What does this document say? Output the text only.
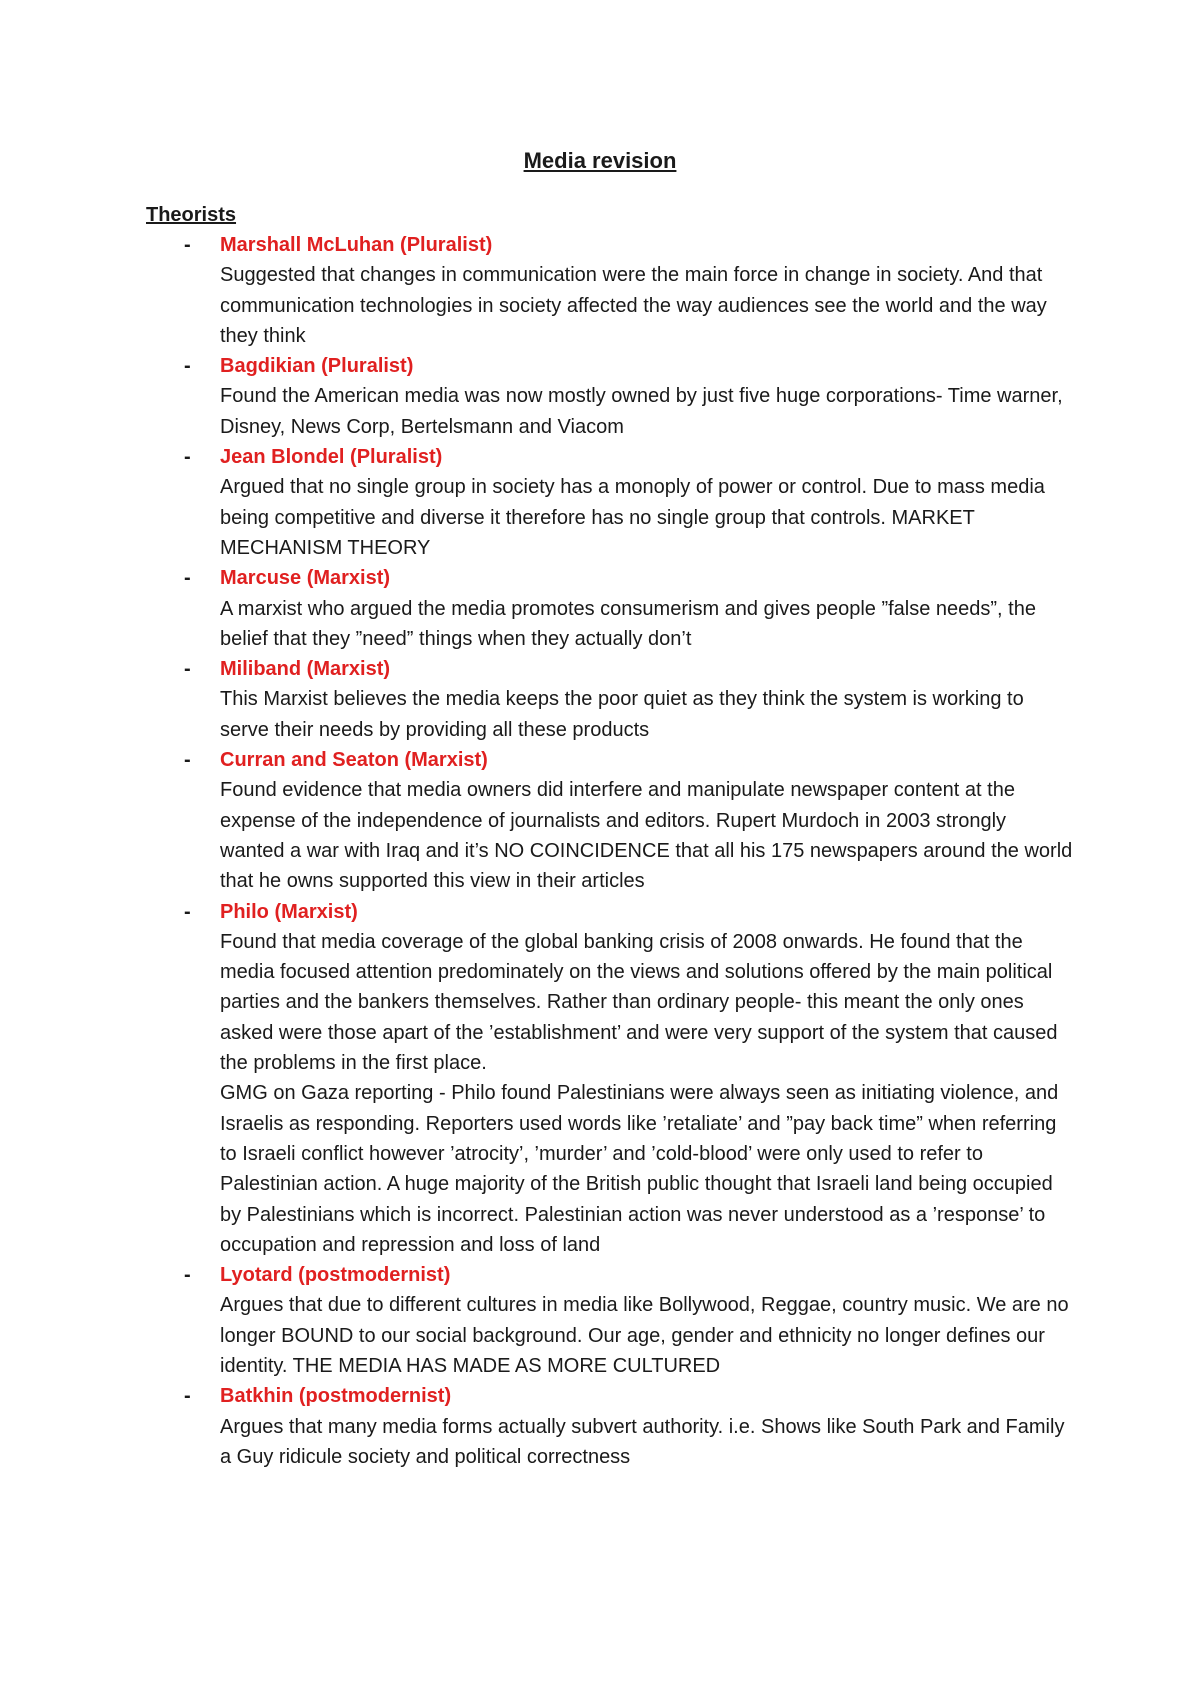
Media revision
Theorists
- Marshall McLuhan (Pluralist)
Suggested that changes in communication were the main force in change in society. And that communication technologies in society affected the way audiences see the world and the way they think
- Bagdikian (Pluralist)
Found the American media was now mostly owned by just five huge corporations- Time warner, Disney, News Corp, Bertelsmann and Viacom
- Jean Blondel (Pluralist)
Argued that no single group in society has a monoply of power or control. Due to mass media being competitive and diverse it therefore has no single group that controls. MARKET MECHANISM THEORY
- Marcuse (Marxist)
A marxist who argued the media promotes consumerism and gives people ”false needs”, the belief that they ”need” things when they actually don’t
- Miliband (Marxist)
This Marxist believes the media keeps the poor quiet as they think the system is working to serve their needs by providing all these products
- Curran and Seaton (Marxist)
Found evidence that media owners did interfere and manipulate newspaper content at the expense of the independence of journalists and editors. Rupert Murdoch in 2003 strongly wanted a war with Iraq and it’s NO COINCIDENCE that all his 175 newspapers around the world that he owns supported this view in their articles
- Philo (Marxist)
Found that media coverage of the global banking crisis of 2008 onwards. He found that the media focused attention predominately on the views and solutions offered by the main political parties and the bankers themselves. Rather than ordinary people- this meant the only ones asked were those apart of the ’establishment’ and were very support of the system that caused the problems in the first place.
GMG on Gaza reporting - Philo found Palestinians were always seen as initiating violence, and Israelis as responding. Reporters used words like ’retaliate’ and ”pay back time” when referring to Israeli conflict however ’atrocity’, ’murder’ and ’cold-blood’ were only used to refer to Palestinian action. A huge majority of the British public thought that Israeli land being occupied by Palestinians which is incorrect. Palestinian action was never understood as a ’response’ to occupation and repression and loss of land
- Lyotard (postmodernist)
Argues that due to different cultures in media like Bollywood, Reggae, country music. We are no longer BOUND to our social background. Our age, gender and ethnicity no longer defines our identity. THE MEDIA HAS MADE AS MORE CULTURED
- Batkhin (postmodernist)
Argues that many media forms actually subvert authority. i.e. Shows like South Park and Family a Guy ridicule society and political correctness
